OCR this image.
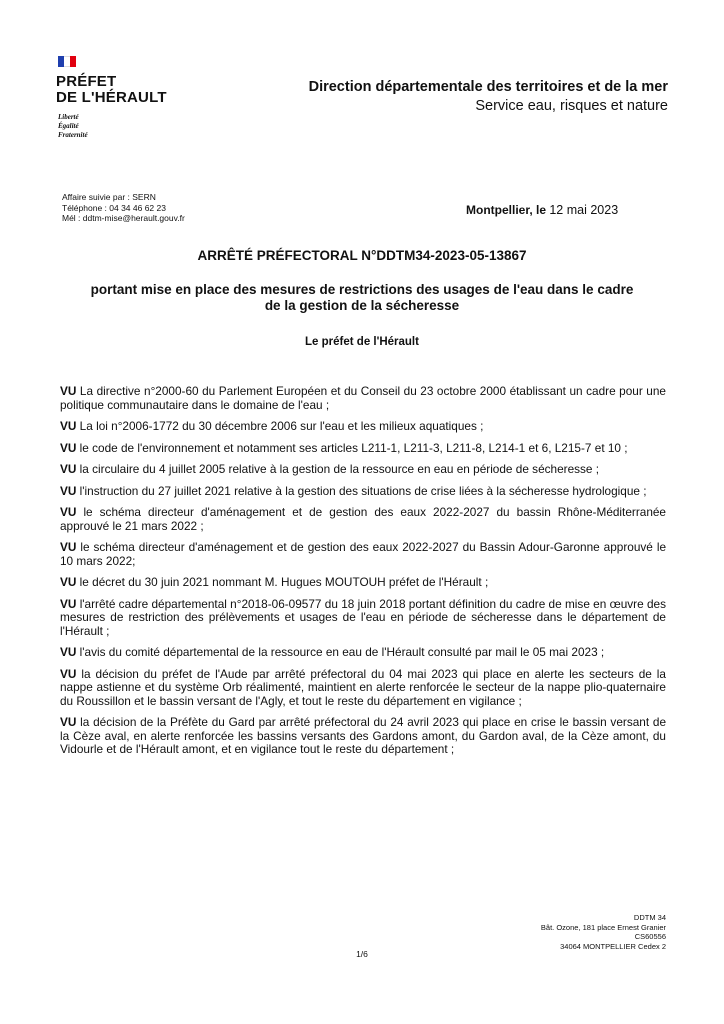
PRÉFET
DE L'HÉRAULT
Liberté
Égalité
Fraternité
Direction départementale des territoires et de la mer
Service eau, risques et nature
Affaire suivie par : SERN
Téléphone : 04 34 46 62 23
Mél : ddtm-mise@herault.gouv.fr
Montpellier, le 12 mai 2023
ARRÊTÉ PRÉFECTORAL N°DDTM34-2023-05-13867
portant mise en place des mesures de restrictions des usages de l'eau dans le cadre
de la gestion de la sécheresse
Le préfet de l'Hérault

VU La directive n°2000-60 du Parlement Européen et du Conseil du 23 octobre 2000 établissant un cadre pour une politique communautaire dans le domaine de l'eau ;

VU La loi n°2006-1772 du 30 décembre 2006 sur l'eau et les milieux aquatiques ;

VU le code de l'environnement et notamment ses articles L211-1, L211-3, L211-8, L214-1 et 6, L215-7 et 10 ;

VU la circulaire du 4 juillet 2005 relative à la gestion de la ressource en eau en période de sécheresse ;

VU l'instruction du 27 juillet 2021 relative à la gestion des situations de crise liées à la sécheresse hydrologique ;

VU le schéma directeur d'aménagement et de gestion des eaux 2022-2027 du bassin Rhône-Méditerranée approuvé le 21 mars 2022 ;

VU le schéma directeur d'aménagement et de gestion des eaux 2022-2027 du Bassin Adour-Garonne approuvé le 10 mars 2022;

VU le décret du 30 juin 2021 nommant M. Hugues MOUTOUH préfet de l'Hérault ;

VU l'arrêté cadre départemental n°2018-06-09577 du 18 juin 2018 portant définition du cadre de mise en œuvre des mesures de restriction des prélèvements et usages de l'eau en période de sécheresse dans le département de l'Hérault ;

VU l'avis du comité départemental de la ressource en eau de l'Hérault consulté par mail le 05 mai 2023 ;

VU la décision du préfet de l'Aude par arrêté préfectoral du 04 mai 2023 qui place en alerte les secteurs de la nappe astienne et du système Orb réalimenté, maintient en alerte renforcée le secteur de la nappe plio-quaternaire du Roussillon et le bassin versant de l'Agly, et tout le reste du département en vigilance ;

VU la décision de la Préfète du Gard par arrêté préfectoral du 24 avril 2023 qui place en crise le bassin versant de la Cèze aval, en alerte renforcée les bassins versants des Gardons amont, du Gardon aval, de la Cèze amont, du Vidourle et de l'Hérault amont, et en vigilance tout le reste du département ;

DDTM 34
Bât. Ozone, 181 place Ernest Granier
CS60556
34064 MONTPELLIER Cedex 2
1/6
